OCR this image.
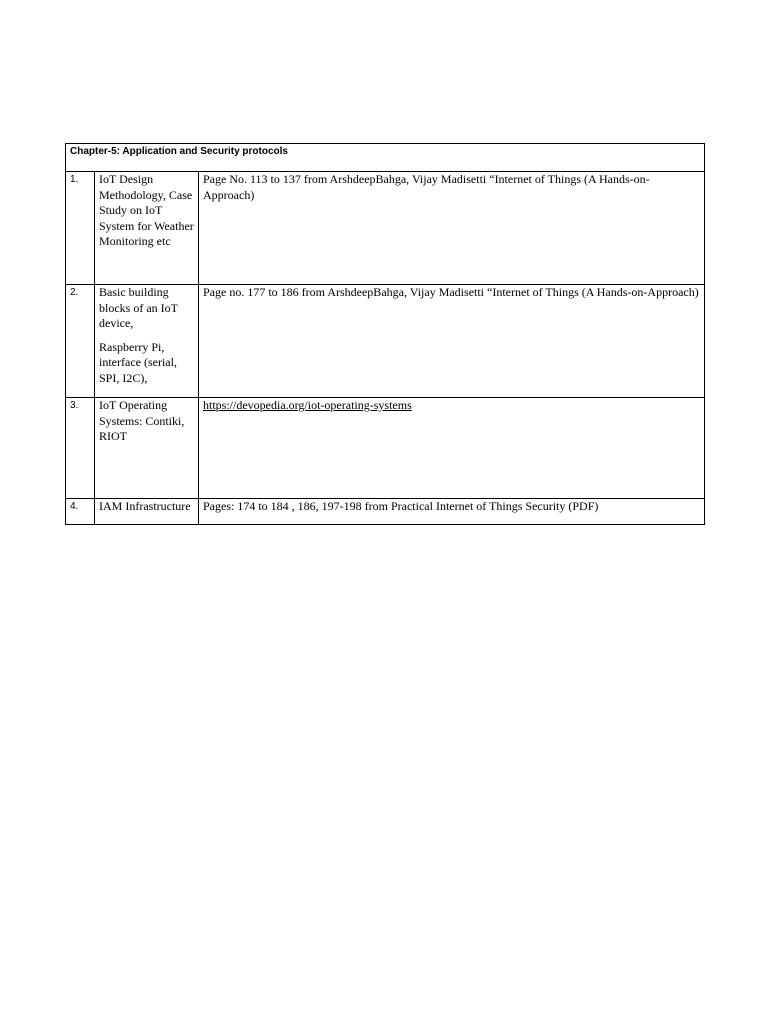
Chapter-5: Application and Security protocols		
1.	IoT Design Methodology, Case Study on IoT System for Weather Monitoring etc	Page No. 113 to 137 from ArshdeepBahga, Vijay Madisetti “Internet of Things (A Hands-on-Approach)

2.	Basic building blocks of an IoT device,

Raspberry Pi, interface (serial, SPI, I2C),	Page no. 177 to 186 from ArshdeepBahga, Vijay Madisetti “Internet of Things (A Hands-on-Approach)

3.	IoT Operating Systems: Contiki, RIOT	https://devopedia.org/iot-operating-systems

4.	IAM Infrastructure	Pages: 174 to 184 , 186, 197-198 from Practical Internet of Things Security (PDF)
